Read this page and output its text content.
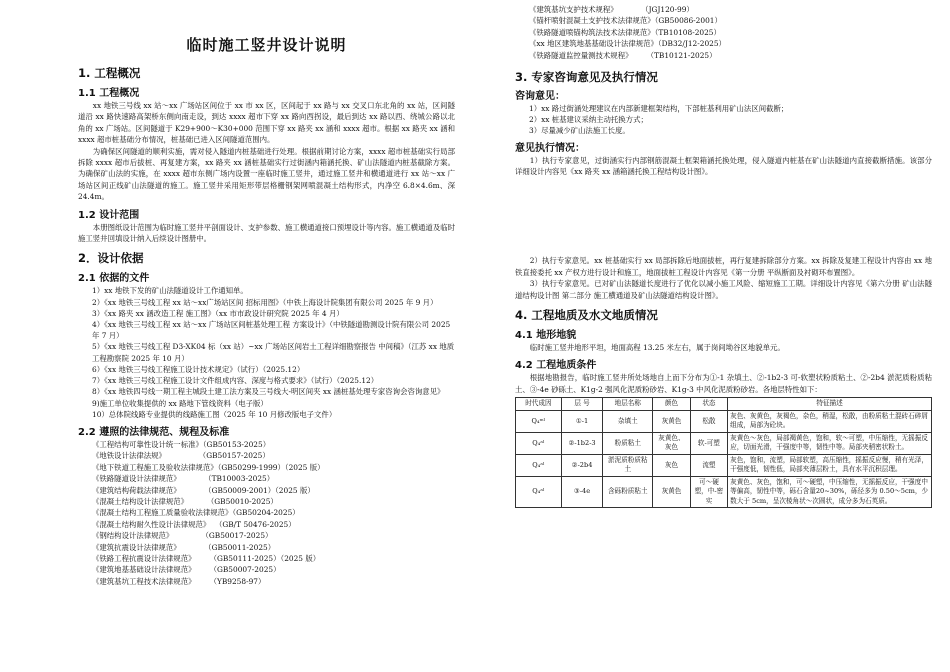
临时施工竖井设计说明
1. 工程概况
1.1 工程概况

xx 地铁三号线 xx 站～xx 广场站区间位于 xx 市 xx 区，区间起于 xx 路与 xx 交叉口东北角的 xx 站，区间隧道沿 xx 路快速路高架桥东侧向南走设，到达 xxxx 超市下穿 xx 路向西拐设，最后到达 xx 路以西、绕城公路以北角的 xx 广场站。区间隧道于 K29+900～K30+000 范围下穿 xx 路夹 xx 涵和 xxxx 超市。根据 xx 路夹 xx 涵和 xxxx 超市桩基础分布情况，桩基础已进入区间隧道范围内。

为确保区间隧道的顺利实施，需对侵入隧道内桩基础进行处理。根据前期讨论方案，xxxx 超市桩基础实行局部拆除 xxxx 超市后拔桩、再复建方案，xx 路夹 xx 涵桩基础实行过街涵内箱涵托换、矿山法隧道内桩基截除方案。为确保矿山法的实施，在 xxxx 超市东侧广场内设置一座临时施工竖井，通过施工竖井和横通道进行 xx 站～xx 广场站区间正线矿山法隧道的施工。施工竖井采用矩形带层格栅钢架网喷混凝土结构形式，内净空 6.8×4.6m、深 24.4m。

1.2 设计范围

本册图纸设计范围为临时施工竖井平剖面设计、支护参数、施工横通道接口预埋设计等内容。施工横通道及临时施工竖井回填设计纳入后续设计图册中。

2．设计依据
2.1 依据的文件

1）xx 地铁下发的矿山法隧道设计工作通知单。

2）《xx 地铁三号线工程 xx 站～xx广场站区间 招标用图》（中铁上海设计院集团有限公司 2025 年 9 月）

3）《xx 路夹 xx 涵改造工程 施工图》（xx 市市政设计研究院 2025 年 4 月）

4）《xx 地铁三号线工程 xx 站～xx 广场站区间桩基处理工程 方案设计》（中铁隧道勘测设计院有限公司 2025 年 7 月）

5）《xx 地铁三号线工程 D3-XK04 标（xx 站）~xx 广场站区间岩土工程详细勘察报告 中间稿》（江苏 xx 地质工程勘察院 2025 年 10 月）

6）《xx 地铁三号线工程施工设计技术规定》（试行）（2025.12）

7）《xx 地铁三号线工程施工设计文件组成内容、深度与格式要求》（试行）（2025.12）

8）《xx 地铁四号线一期工程主城段土建工法方案及三号线大-明区间夹 xx 涵桩基处理专家咨询会咨询意见》

9)施工单位收集提供的 xx 路地下管线资料（电子版）

10）总体院线路专业提供的线路施工图（2025 年 10 月修改版电子文件）

2.2 遵照的法律规范、规程及标准

《工程结构可靠性设计统一标准》（GB50153-2025）

《地铁设计法律法规》              （GB50157-2025）

《地下铁道工程施工及验收法律规范》（GB50299-1999）（2025 版）

《铁路隧道设计法律规范》          （TB10003-2025）

《建筑结构荷载法律规范》          （GB50009-2001）（2025 版）

《混凝土结构设计法律规范》        （GB50010-2025）

《混凝土结构工程施工质量验收法律规范》（GB50204-2025）

《混凝土结构耐久性设计法律规范》  （GB/T 50476-2025）

《钢结构设计法律规范》            （GB50017-2025）

《建筑抗震设计法律规范》          （GB50011-2025）

《铁路工程抗震设计法律规范》      （GB50111-2025）（2025 版）

《建筑地基基础设计法律规范》      （GB50007-2025）

《建筑基坑工程技术法律规范》      （YB9258-97）

《建筑基坑支护技术规程》          （JGJ120-99）

《锚杆喷射混凝土支护技术法律规范》（GB50086-2001）

《铁路隧道喷锚构筑法技术法律规范》（TB10108-2025）

《xx 地区建筑地基基础设计法律规范》（DB32/J12-2025）

《铁路隧道监控量测技术规程》      （TB10121-2025）

3. 专家咨询意见及执行情况
咨询意见：

1）xx 路过街涵处理建议在内部新建框架结构，下部桩基利用矿山法区间截断；

2）xx 桩基建议采纳主动托换方式；

3）尽量减少矿山法施工长度。

意见执行情况：

1）执行专家意见，过街涵实行内部钢筋混凝土框架箱涵托换处理，侵入隧道内桩基在矿山法隧道内直接截断措施。该部分详细设计内容见《xx 路夹 xx 涵箱涵托换工程结构设计图》。

2）执行专家意见。xx 桩基础实行 xx 局部拆除后地面拔桩，再行复建拆除部分方案。xx 拆除及复建工程设计内容由 xx 地铁直接委托 xx 产权方进行设计和施工，地面拔桩工程设计内容见《第一分册 平纵断面及衬砌环布置图》。

3）执行专家意见。已对矿山法隧道长度进行了优化以减小施工风险、缩短施工工期。详细设计内容见《第六分册 矿山法隧道结构设计图 第二部分 施工横通道及矿山法隧道结构设计图》。

4. 工程地质及水文地质情况
4.1 地形地貌

临时施工竖井地形平坦，地面高程 13.25 米左右，属于岗间坳谷区地貌单元。

4.2 工程地质条件

根据地勘报告，临时施工竖井所处场地自上而下分布为①-1 杂填土、②-1b2-3 可-软塑状粉质粘土、②-2b4 淤泥质粉质粘土、③-4e 砂砾土、K1g-2 强风化泥质粉砂岩、K1g-3 中风化泥质粉砂岩。各地层特性如下：

时代成因	层 号	地层名称	颜色	状态	特征描述
Q₄ᵐˡ	①-1	杂填土	灰黄色	松散	灰色、灰黄色，灰褐色，杂色，稍湿，松散，由粉质粘土混砖石碎屑组成，局部为砼块。
Q₄ᵃˡ	②-1b2-3	粉质粘土	灰黄色、灰色	软-可塑	灰黄色～灰色，局部褐黄色，饱和，软～可塑，中压缩性，无摇振反应，切面光滑，干强度中等，韧性中等。局部夹稍密状粉土。
Q₄ᵃˡ	②-2b4	淤泥质粉质粘土	灰色	流塑	灰色，饱和，流塑，局部软塑，高压缩性，摇振反应慢，稍有光泽，干强度低，韧性低，局部夹薄层粉土，具有水平沉积层理。
Q₄ᵃˡ	③-4e	含砾粉质粘土	灰黄色	可～硬塑，中-密实	灰黄色、灰色，饱和，可～硬塑，中压缩性，无摇振反应，干强度中等偏高，韧性中等，砾石含量20~30%，砾径多为 0.50～5cm，少数大于 5cm，呈次棱角状～次圆状，成分多为石英质。
